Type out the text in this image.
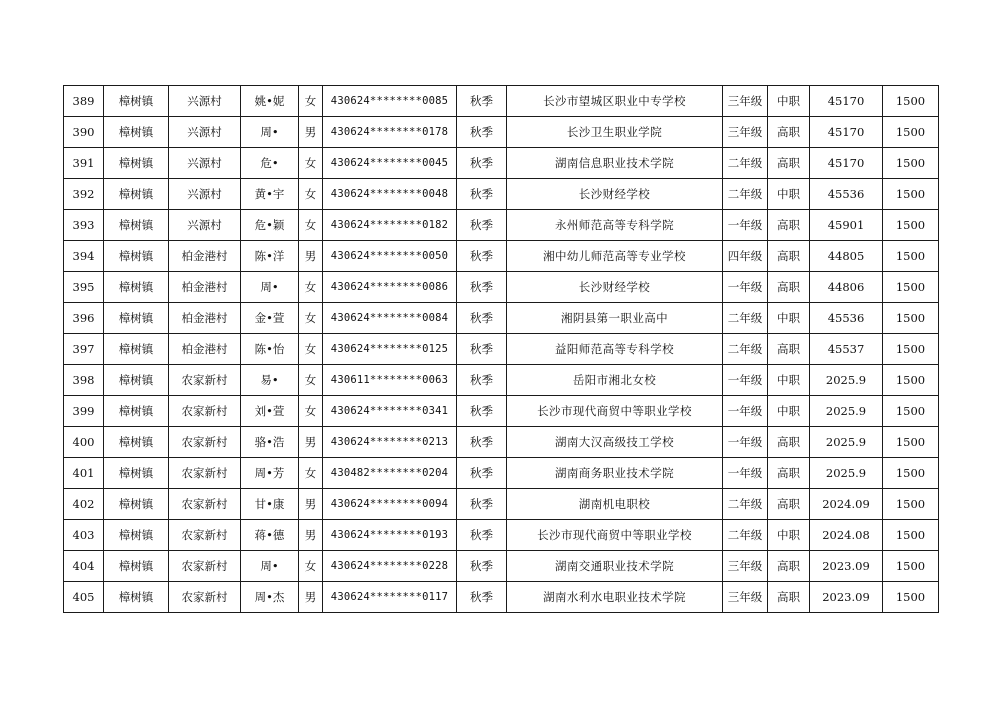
389	樟树镇	兴源村	姚•妮	女	430624********0085	秋季	长沙市望城区职业中专学校	三年级	中职	45170	1500
390	樟树镇	兴源村	周•	男	430624********0178	秋季	长沙卫生职业学院	三年级	高职	45170	1500
391	樟树镇	兴源村	危•	女	430624********0045	秋季	湖南信息职业技术学院	二年级	高职	45170	1500
392	樟树镇	兴源村	黄•宇	女	430624********0048	秋季	长沙财经学校	二年级	中职	45536	1500
393	樟树镇	兴源村	危•颖	女	430624********0182	秋季	永州师范高等专科学院	一年级	高职	45901	1500
394	樟树镇	柏金港村	陈•洋	男	430624********0050	秋季	湘中幼儿师范高等专业学校	四年级	高职	44805	1500
395	樟树镇	柏金港村	周•	女	430624********0086	秋季	长沙财经学校	一年级	高职	44806	1500
396	樟树镇	柏金港村	金•萱	女	430624********0084	秋季	湘阴县第一职业高中	二年级	中职	45536	1500
397	樟树镇	柏金港村	陈•怡	女	430624********0125	秋季	益阳师范高等专科学校	二年级	高职	45537	1500
398	樟树镇	农家新村	易•	女	430611********0063	秋季	岳阳市湘北女校	一年级	中职	2025.9	1500
399	樟树镇	农家新村	刘•萱	女	430624********0341	秋季	长沙市现代商贸中等职业学校	一年级	中职	2025.9	1500
400	樟树镇	农家新村	骆•浩	男	430624********0213	秋季	湖南大汉高级技工学校	一年级	高职	2025.9	1500
401	樟树镇	农家新村	周•芳	女	430482********0204	秋季	湖南商务职业技术学院	一年级	高职	2025.9	1500
402	樟树镇	农家新村	甘•康	男	430624********0094	秋季	湖南机电职校	二年级	高职	2024.09	1500
403	樟树镇	农家新村	蒋•德	男	430624********0193	秋季	长沙市现代商贸中等职业学校	二年级	中职	2024.08	1500
404	樟树镇	农家新村	周•	女	430624********0228	秋季	湖南交通职业技术学院	三年级	高职	2023.09	1500
405	樟树镇	农家新村	周•杰	男	430624********0117	秋季	湖南水利水电职业技术学院	三年级	高职	2023.09	1500
